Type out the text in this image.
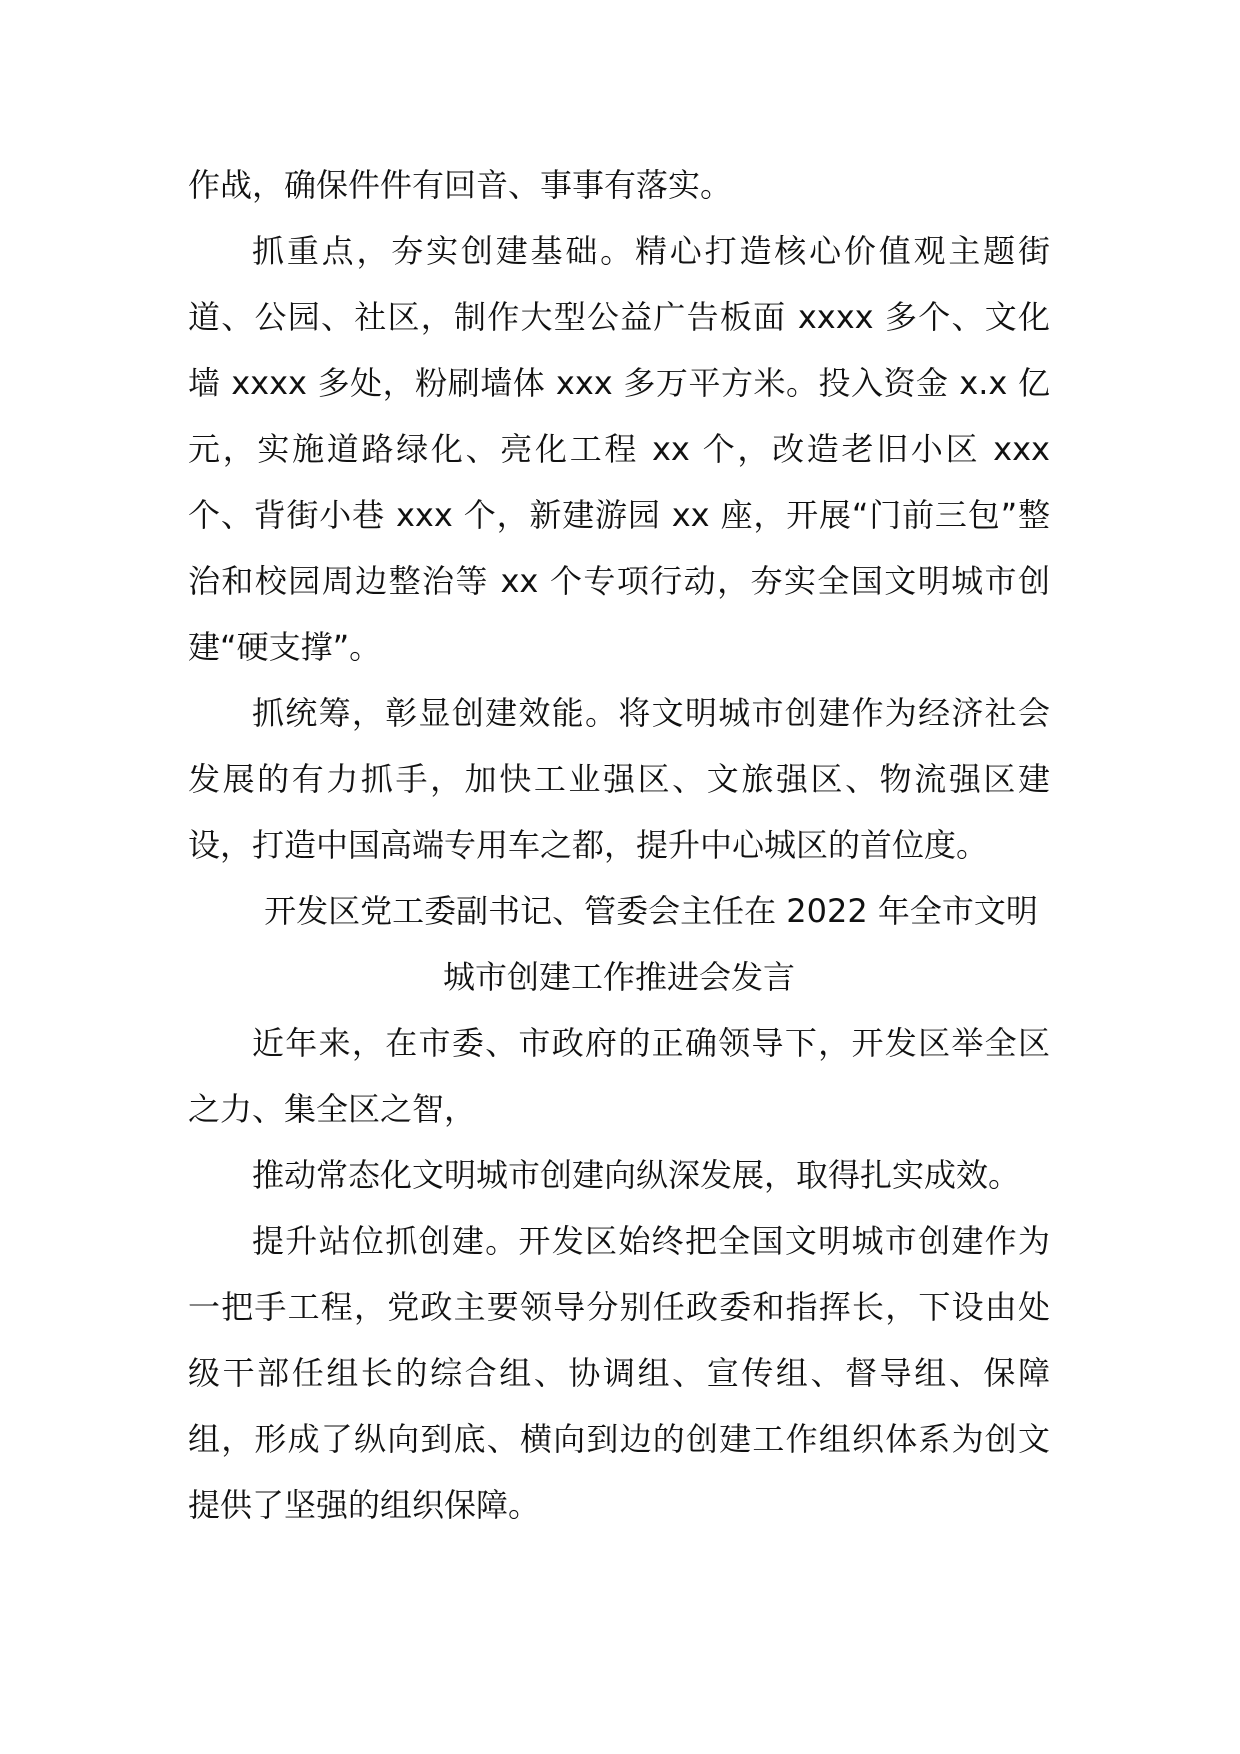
作战，确保件件有回音、事事有落实。

抓重点，夯实创建基础。精心打造核心价值观主题街道、公园、社区，制作大型公益广告板面 xxxx 多个、文化墙 xxxx 多处，粉刷墙体 xxx 多万平方米。投入资金 x.x 亿元，实施道路绿化、亮化工程 xx 个，改造老旧小区 xxx 个、背街小巷 xxx 个，新建游园 xx 座，开展“门前三包”整治和校园周边整治等 xx 个专项行动，夯实全国文明城市创建“硬支撑”。

抓统筹，彰显创建效能。将文明城市创建作为经济社会发展的有力抓手，加快工业强区、文旅强区、物流强区建设，打造中国高端专用车之都，提升中心城区的首位度。

开发区党工委副书记、管委会主任在 2022 年全市文明

城市创建工作推进会发言

近年来，在市委、市政府的正确领导下，开发区举全区之力、集全区之智，

推动常态化文明城市创建向纵深发展，取得扎实成效。

提升站位抓创建。开发区始终把全国文明城市创建作为一把手工程，党政主要领导分别任政委和指挥长，下设由处级干部任组长的综合组、协调组、宣传组、督导组、保障组，形成了纵向到底、横向到边的创建工作组织体系为创文提供了坚强的组织保障。
